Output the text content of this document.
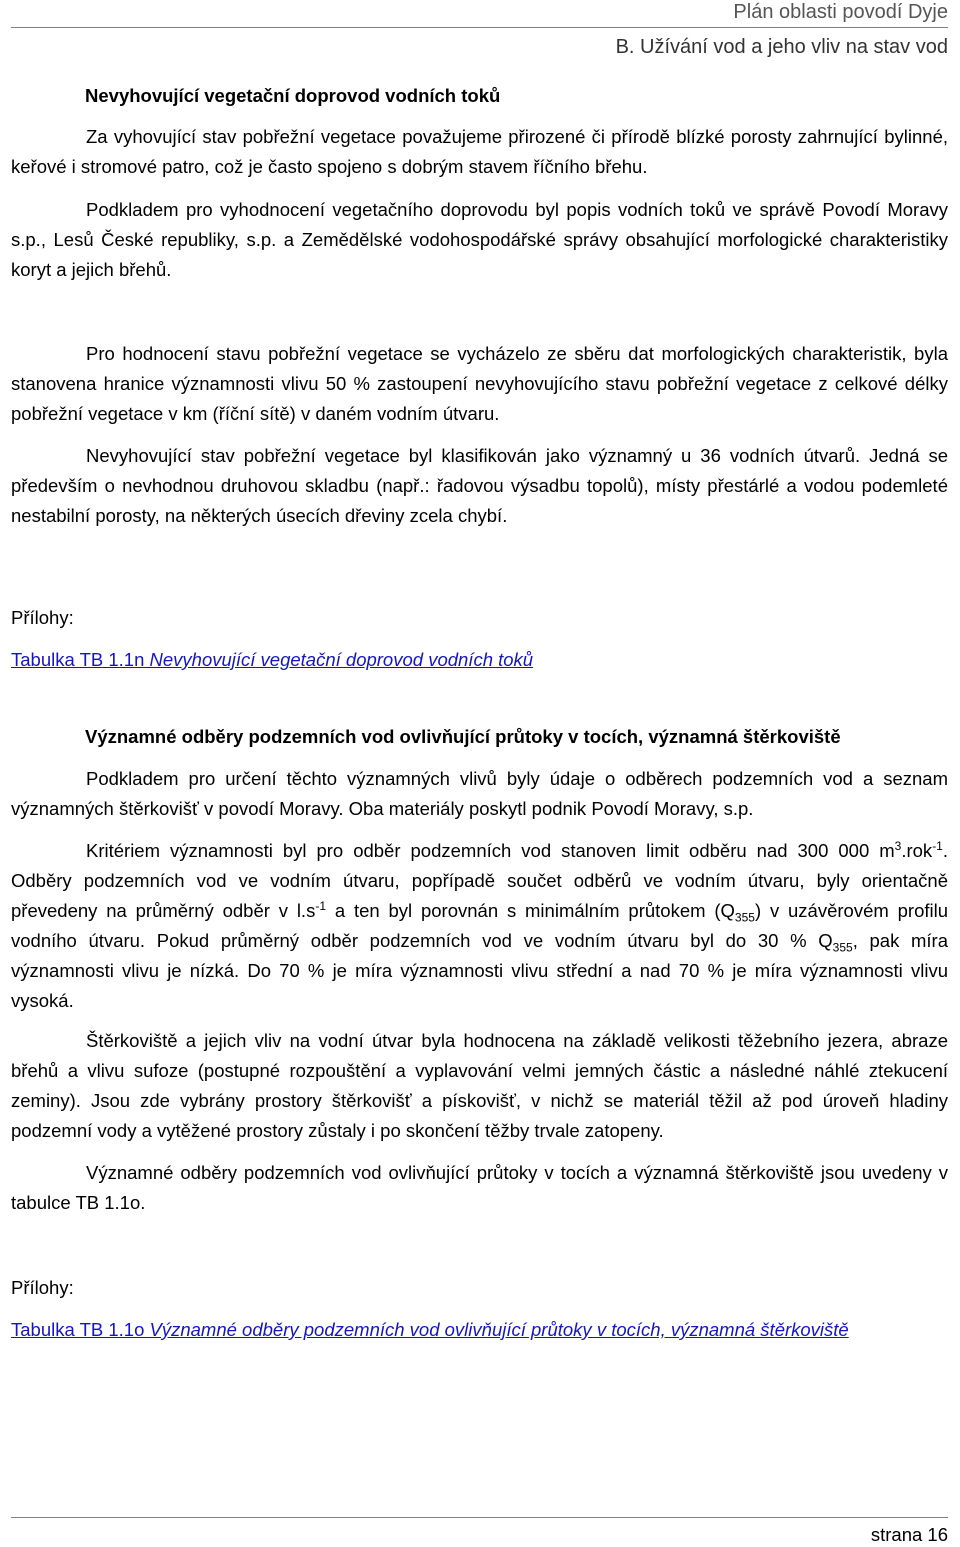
Plán oblasti povodí Dyje

B. Užívání vod a jeho vliv na stav vod

Nevyhovující vegetační doprovod vodních toků

Za vyhovující stav pobřežní vegetace považujeme přirozené či přírodě blízké porosty zahrnující bylinné, keřové i stromové patro, což je často spojeno s dobrým stavem říčního břehu.

Podkladem pro vyhodnocení vegetačního doprovodu byl popis vodních toků ve správě Povodí Moravy s.p., Lesů České republiky, s.p. a Zemědělské vodohospodářské správy obsahující morfologické charakteristiky koryt a jejich břehů.

Pro hodnocení stavu pobřežní vegetace se vycházelo ze sběru dat morfologických charakteristik, byla stanovena hranice významnosti vlivu 50 % zastoupení nevyhovujícího stavu pobřežní vegetace z celkové délky pobřežní vegetace v km (říční sítě) v daném vodním útvaru.

Nevyhovující stav pobřežní vegetace byl klasifikován jako významný u 36 vodních útvarů. Jedná se především o nevhodnou druhovou skladbu (např.: řadovou výsadbu topolů), místy přestárlé a vodou podemleté nestabilní porosty, na některých úsecích dřeviny zcela chybí.

Přílohy:

Tabulka TB 1.1n Nevyhovující vegetační doprovod vodních toků

Významné odběry podzemních vod ovlivňující průtoky v tocích, významná štěrkoviště

Podkladem pro určení těchto významných vlivů byly údaje o odběrech podzemních vod a seznam významných štěrkovišť v povodí Moravy. Oba materiály poskytl podnik Povodí Moravy, s.p.

Kritériem významnosti byl pro odběr podzemních vod stanoven limit odběru nad 300 000 $m^3.rok^{-1}$. Odběry podzemních vod ve vodním útvaru, popřípadě součet odběrů ve vodním útvaru, byly orientačně převedeny na průměrný odběr v $l.s^{-1}$ a ten byl porovnán s minimálním průtokem $(Q_{355})$ v uzávěrovém profilu vodního útvaru. Pokud průměrný odběr podzemních vod ve vodním útvaru byl do 30 % $Q_{355}$, pak míra významnosti vlivu je nízká. Do 70 % je míra významnosti vlivu střední a nad 70 % je míra významnosti vlivu vysoká.

Štěrkoviště a jejich vliv na vodní útvar byla hodnocena na základě velikosti těžebního jezera, abraze břehů a vlivu sufoze (postupné rozpouštění a vyplavování velmi jemných částic a následné náhlé ztekucení zeminy). Jsou zde vybrány prostory štěrkovišť a pískovišť, v nichž se materiál těžil až pod úroveň hladiny podzemní vody a vytěžené prostory zůstaly i po skončení těžby trvale zatopeny.

Významné odběry podzemních vod ovlivňující průtoky v tocích a významná štěrkoviště jsou uvedeny v tabulce TB 1.1o.

Přílohy:

Tabulka TB 1.1o Významné odběry podzemních vod ovlivňující průtoky v tocích, významná štěrkoviště

strana 16
